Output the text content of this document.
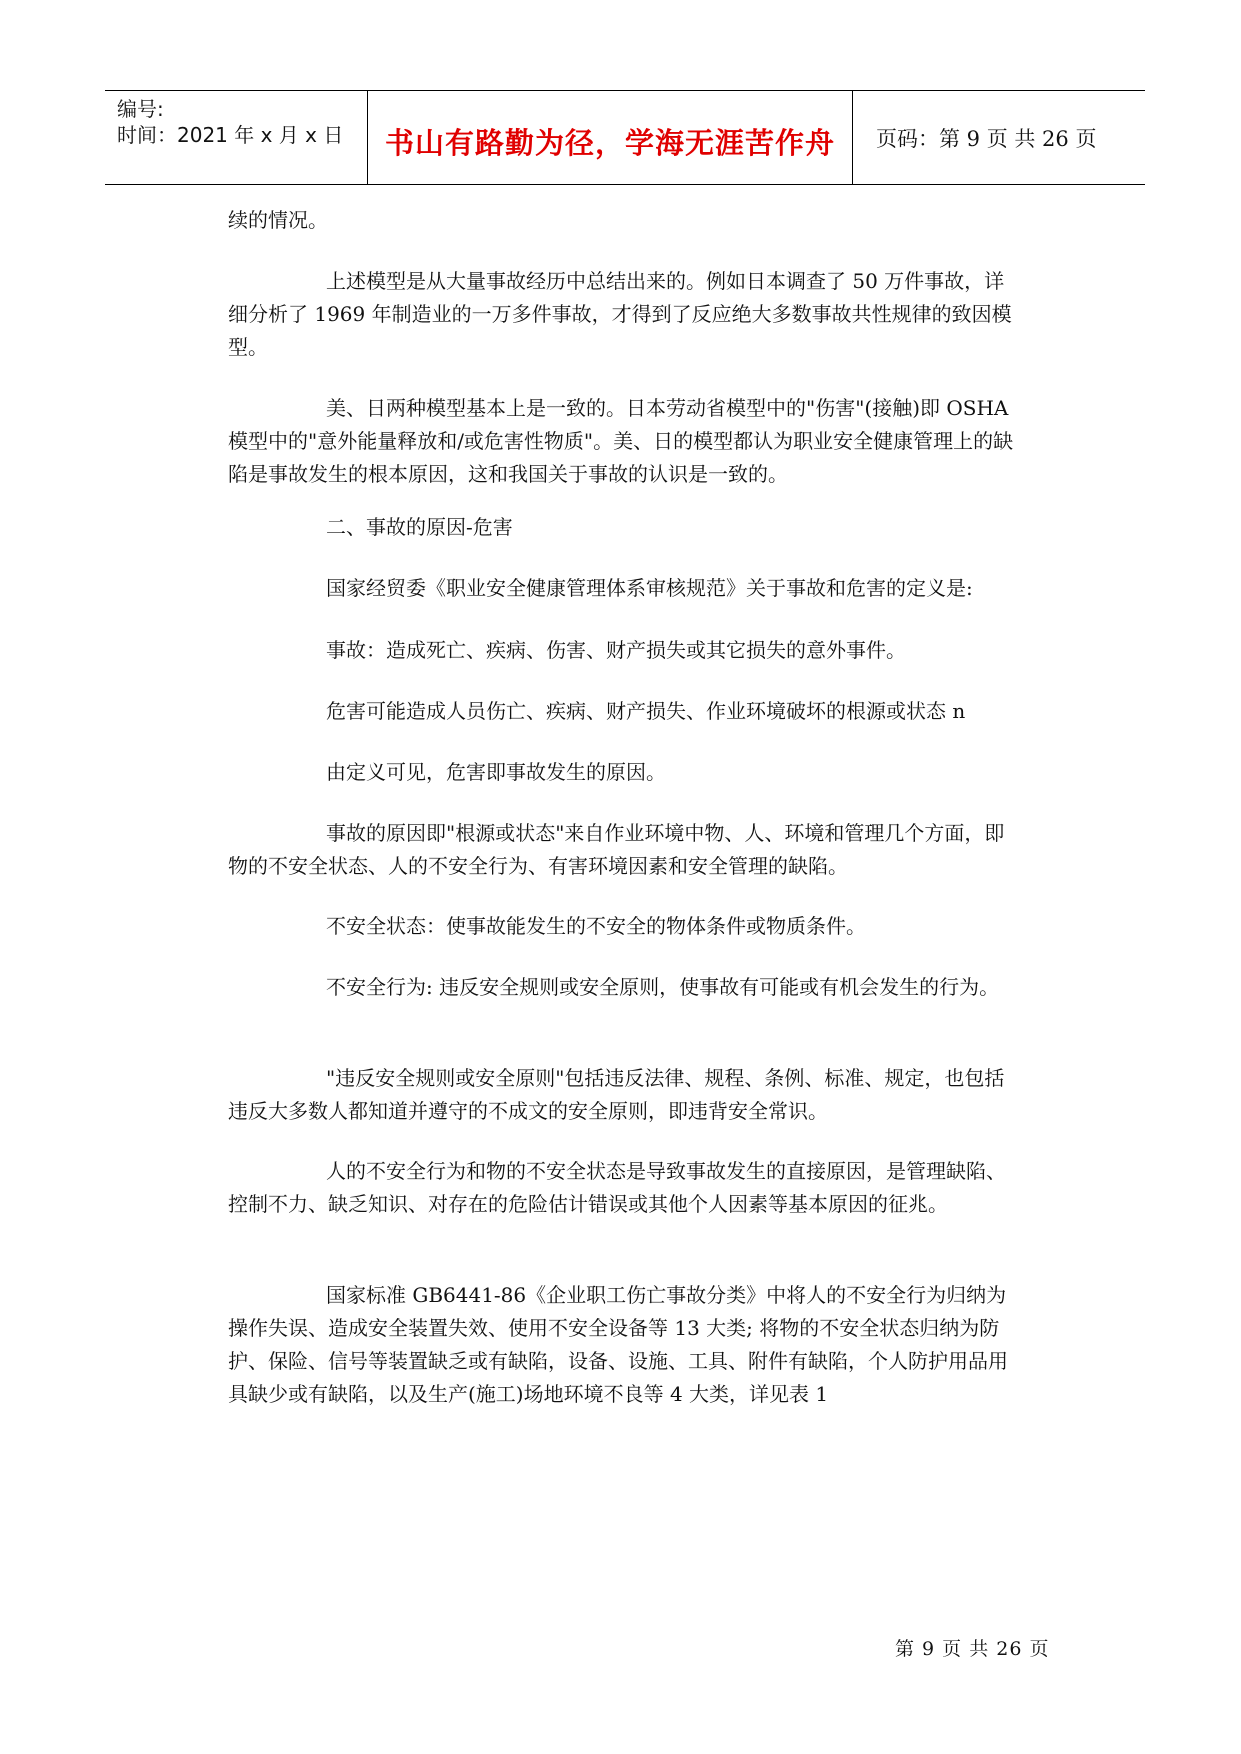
编号:
时间：2021 年 x 月 x 日	书山有路勤为径，学海无涯苦作舟	页码：第 9 页 共 26 页

续的情况。

上述模型是从大量事故经历中总结出来的。例如日本调查了 50 万件事故，详细分析了 1969 年制造业的一万多件事故，才得到了反应绝大多数事故共性规律的致因模型。

美、日两种模型基本上是一致的。日本劳动省模型中的"伤害"(接触)即 OSHA 模型中的"意外能量释放和/或危害性物质"。美、日的模型都认为职业安全健康管理上的缺陷是事故发生的根本原因，这和我国关于事故的认识是一致的。

二、事故的原因-危害

国家经贸委《职业安全健康管理体系审核规范》关于事故和危害的定义是:

事故：造成死亡、疾病、伤害、财产损失或其它损失的意外事件。

危害可能造成人员伤亡、疾病、财产损失、作业环境破坏的根源或状态 n

由定义可见，危害即事故发生的原因。

事故的原因即"根源或状态"来自作业环境中物、人、环境和管理几个方面，即物的不安全状态、人的不安全行为、有害环境因素和安全管理的缺陷。

不安全状态：使事故能发生的不安全的物体条件或物质条件。

不安全行为: 违反安全规则或安全原则，使事故有可能或有机会发生的行为。

"违反安全规则或安全原则"包括违反法律、规程、条例、标准、规定，也包括违反大多数人都知道并遵守的不成文的安全原则，即违背安全常识。

人的不安全行为和物的不安全状态是导致事故发生的直接原因，是管理缺陷、控制不力、缺乏知识、对存在的危险估计错误或其他个人因素等基本原因的征兆。

国家标准 GB6441-86《企业职工伤亡事故分类》中将人的不安全行为归纳为操作失误、造成安全装置失效、使用不安全设备等 13 大类; 将物的不安全状态归纳为防护、保险、信号等装置缺乏或有缺陷，设备、设施、工具、附件有缺陷，个人防护用品用具缺少或有缺陷，以及生产(施工)场地环境不良等 4 大类，详见表 1

第 9 页 共 26 页
